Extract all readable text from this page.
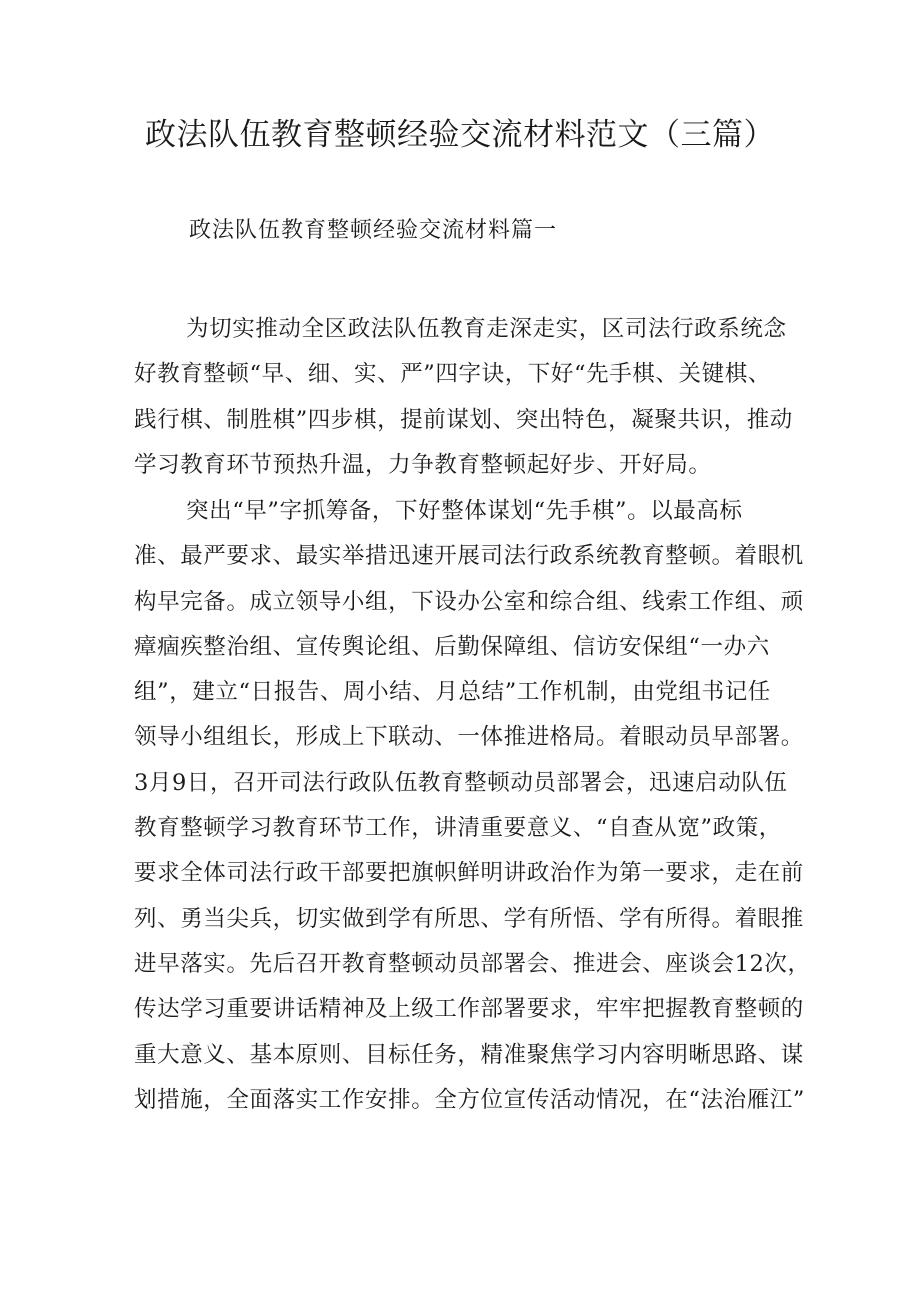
政法队伍教育整顿经验交流材料范文（三篇）
政法队伍教育整顿经验交流材料篇一
为切实推动全区政法队伍教育走深走实，区司法行政系统念
好教育整顿“早、细、实、严”四字诀，下好“先手棋、关键棋、
践行棋、制胜棋”四步棋，提前谋划、突出特色，凝聚共识，推动
学习教育环节预热升温，力争教育整顿起好步、开好局。
突出“早”字抓筹备，下好整体谋划“先手棋”。以最高标
准、最严要求、最实举措迅速开展司法行政系统教育整顿。着眼机
构早完备。成立领导小组，下设办公室和综合组、线索工作组、顽
瘴痼疾整治组、宣传舆论组、后勤保障组、信访安保组“一办六
组”，建立“日报告、周小结、月总结”工作机制，由党组书记任
领导小组组长，形成上下联动、一体推进格局。着眼动员早部署。
3月9日，召开司法行政队伍教育整顿动员部署会，迅速启动队伍
教育整顿学习教育环节工作，讲清重要意义、“自查从宽”政策，
要求全体司法行政干部要把旗帜鲜明讲政治作为第一要求，走在前
列、勇当尖兵，切实做到学有所思、学有所悟、学有所得。着眼推
进早落实。先后召开教育整顿动员部署会、推进会、座谈会12次，
传达学习重要讲话精神及上级工作部署要求，牢牢把握教育整顿的
重大意义、基本原则、目标任务，精准聚焦学习内容明晰思路、谋
划措施，全面落实工作安排。全方位宣传活动情况，在“法治雁江”
